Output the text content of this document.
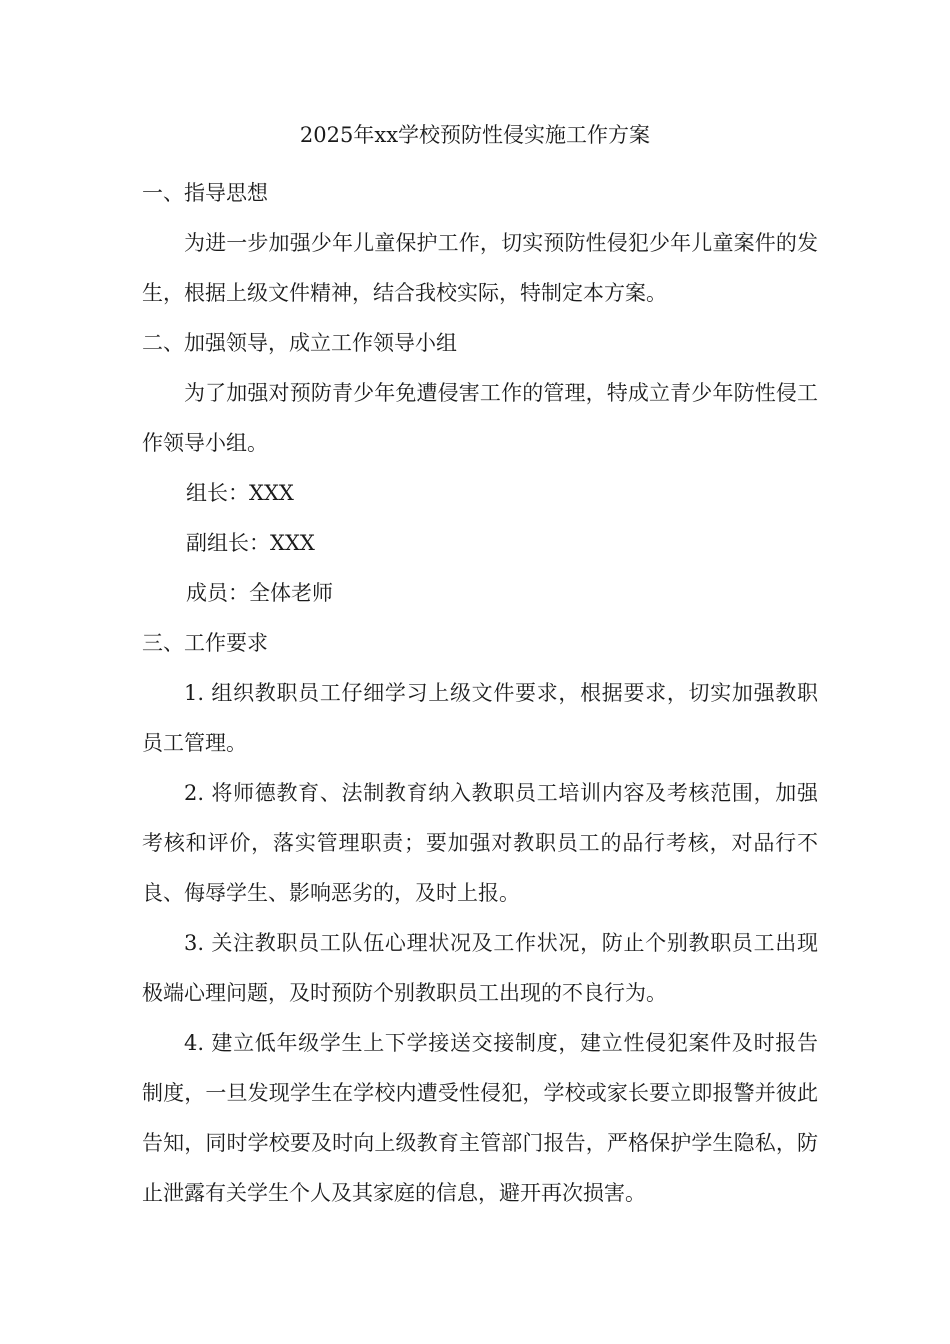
2025年xx学校预防性侵实施工作方案

一、指导思想

为进一步加强少年儿童保护工作，切实预防性侵犯少年儿童案件的发生，根据上级文件精神，结合我校实际，特制定本方案。

二、加强领导，成立工作领导小组

为了加强对预防青少年免遭侵害工作的管理，特成立青少年防性侵工作领导小组。

组长：XXX

副组长：XXX

成员：全体老师

三、工作要求

1. 组织教职员工仔细学习上级文件要求，根据要求，切实加强教职员工管理。

2. 将师德教育、法制教育纳入教职员工培训内容及考核范围，加强考核和评价，落实管理职责；要加强对教职员工的品行考核，对品行不良、侮辱学生、影响恶劣的，及时上报。

3. 关注教职员工队伍心理状况及工作状况，防止个别教职员工出现极端心理问题，及时预防个别教职员工出现的不良行为。

4. 建立低年级学生上下学接送交接制度，建立性侵犯案件及时报告制度，一旦发现学生在学校内遭受性侵犯，学校或家长要立即报警并彼此告知，同时学校要及时向上级教育主管部门报告，严格保护学生隐私，防止泄露有关学生个人及其家庭的信息，避开再次损害。
